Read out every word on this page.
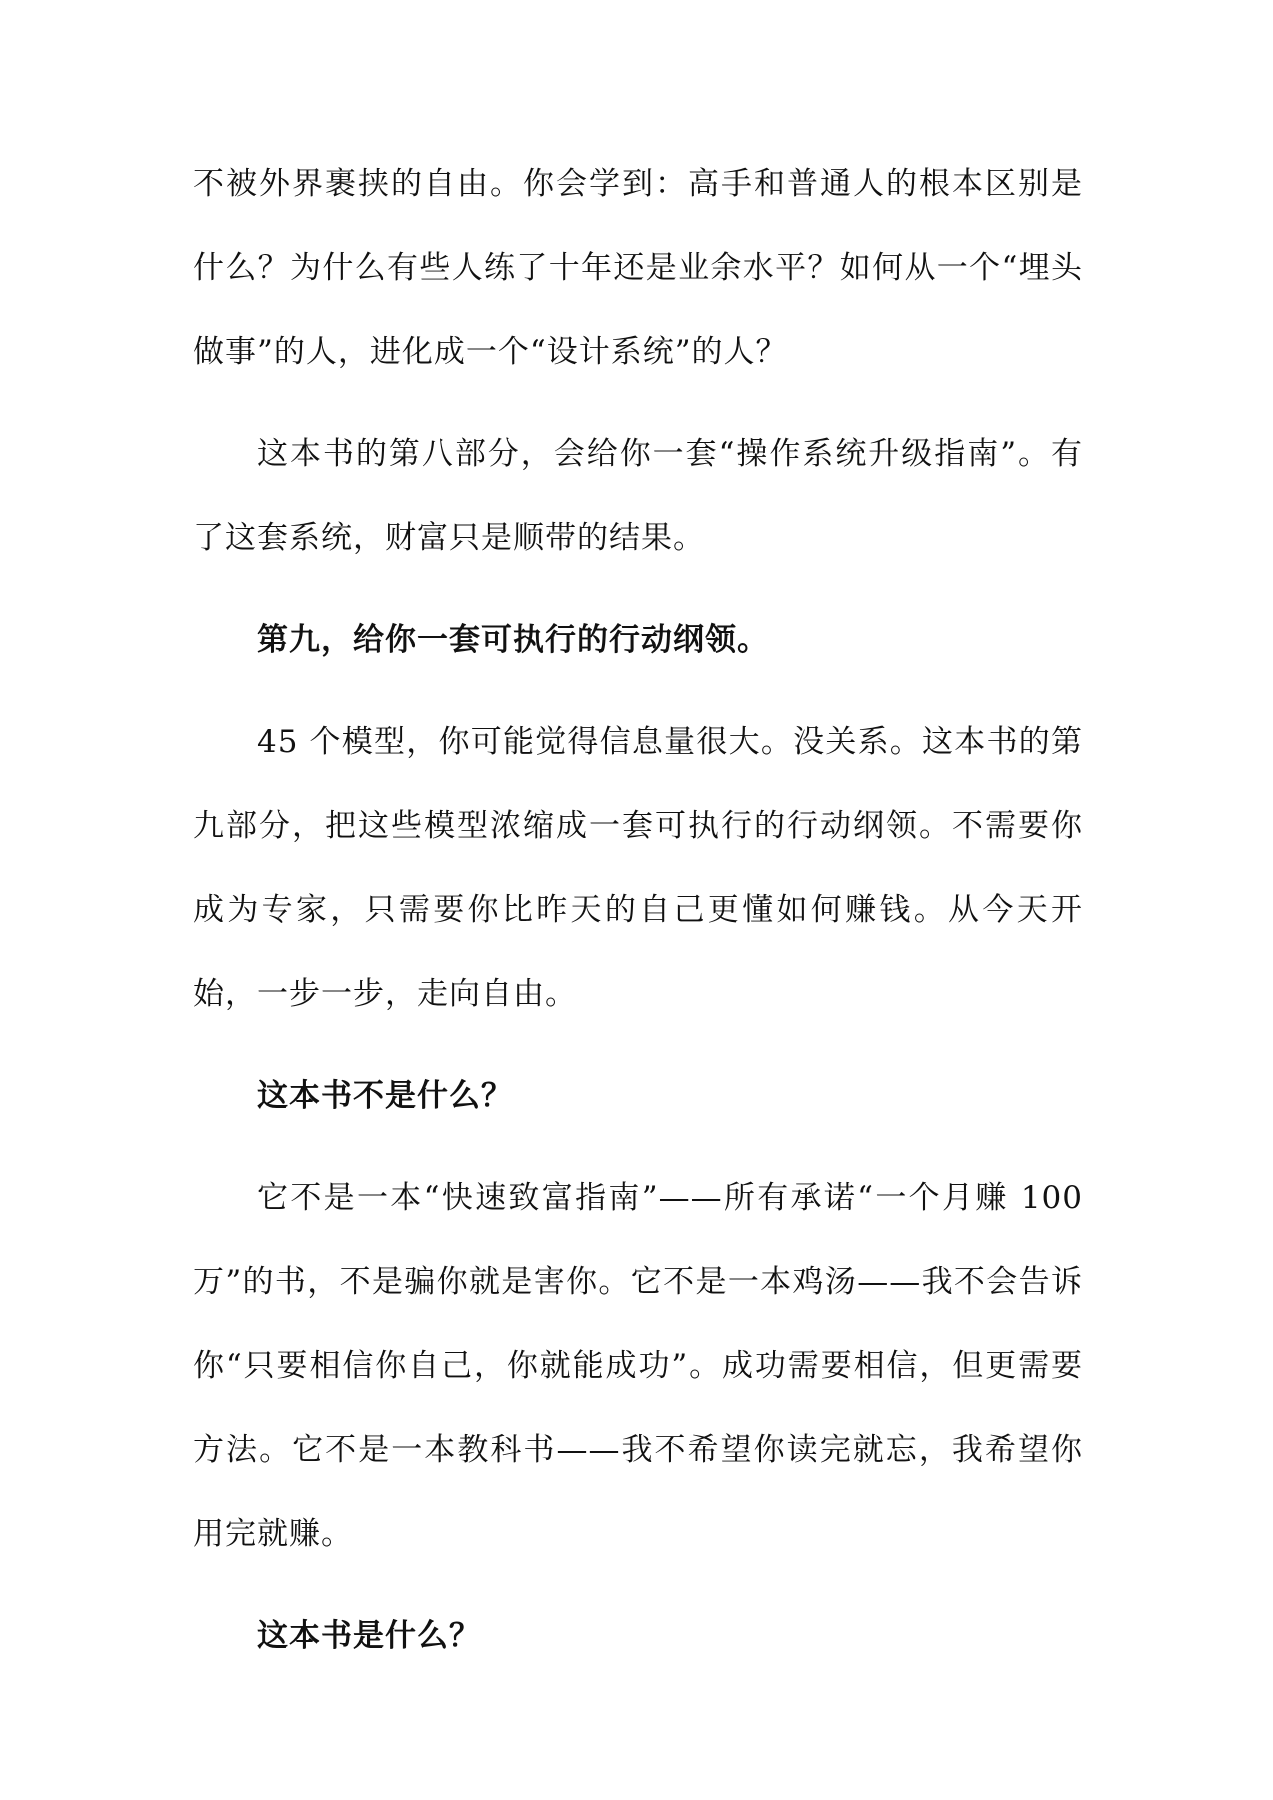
不被外界裹挟的自由。你会学到：高手和普通人的根本区别是什么？为什么有些人练了十年还是业余水平？如何从一个“埋头做事”的人，进化成一个“设计系统”的人？

这本书的第八部分，会给你一套“操作系统升级指南”。有了这套系统，财富只是顺带的结果。

第九，给你一套可执行的行动纲领。

45 个模型，你可能觉得信息量很大。没关系。这本书的第九部分，把这些模型浓缩成一套可执行的行动纲领。不需要你成为专家，只需要你比昨天的自己更懂如何赚钱。从今天开始，一步一步，走向自由。

这本书不是什么？

它不是一本“快速致富指南”——所有承诺“一个月赚 100 万”的书，不是骗你就是害你。它不是一本鸡汤——我不会告诉你“只要相信你自己，你就能成功”。成功需要相信，但更需要方法。它不是一本教科书——我不希望你读完就忘，我希望你用完就赚。

这本书是什么？
